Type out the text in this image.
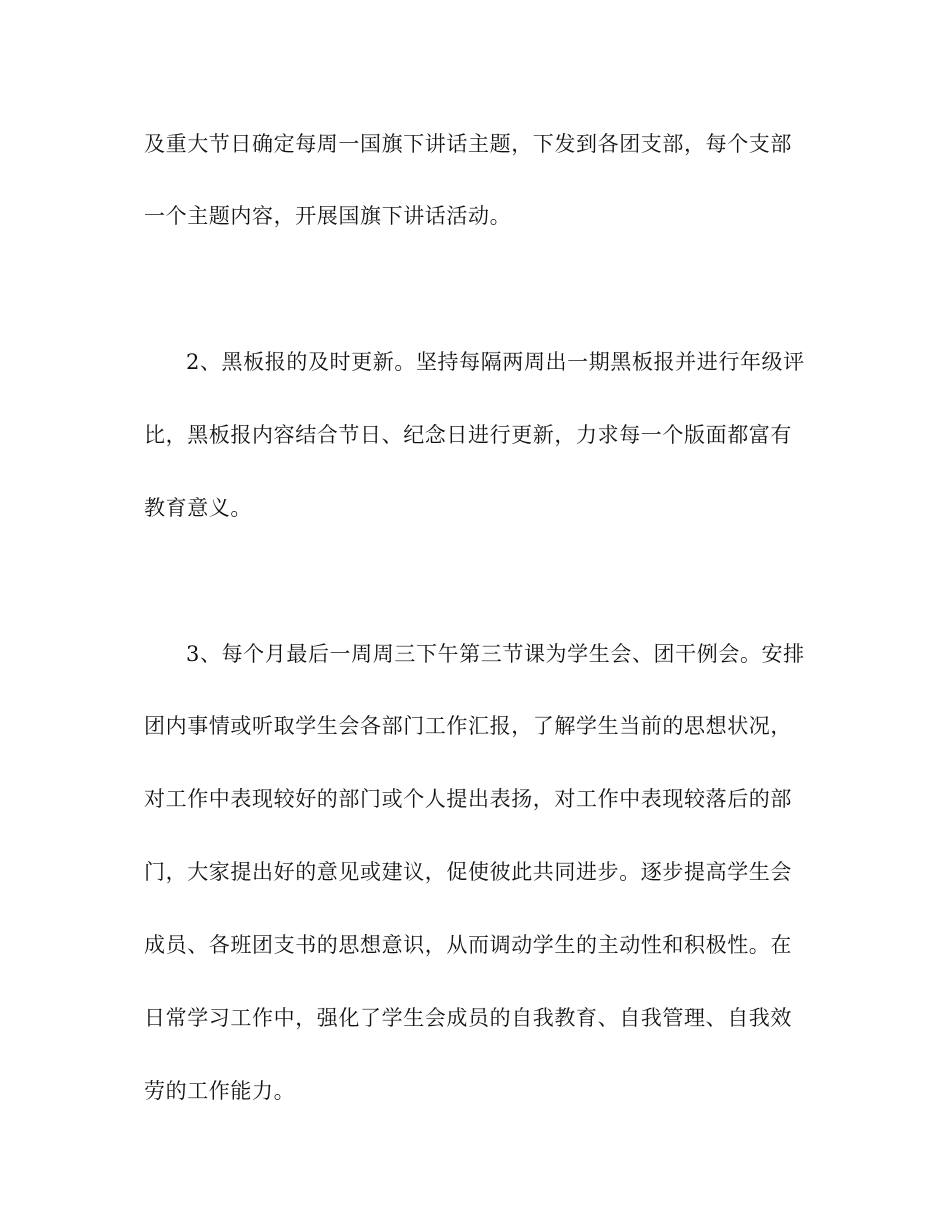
及重大节日确定每周一国旗下讲话主题，下发到各团支部，每个支部
一个主题内容，开展国旗下讲话活动。
2、黑板报的及时更新。坚持每隔两周出一期黑板报并进行年级评
比，黑板报内容结合节日、纪念日进行更新，力求每一个版面都富有
教育意义。
3、每个月最后一周周三下午第三节课为学生会、团干例会。安排
团内事情或听取学生会各部门工作汇报，了解学生当前的思想状况，
对工作中表现较好的部门或个人提出表扬，对工作中表现较落后的部
门，大家提出好的意见或建议，促使彼此共同进步。逐步提高学生会
成员、各班团支书的思想意识，从而调动学生的主动性和积极性。在
日常学习工作中，强化了学生会成员的自我教育、自我管理、自我效
劳的工作能力。
